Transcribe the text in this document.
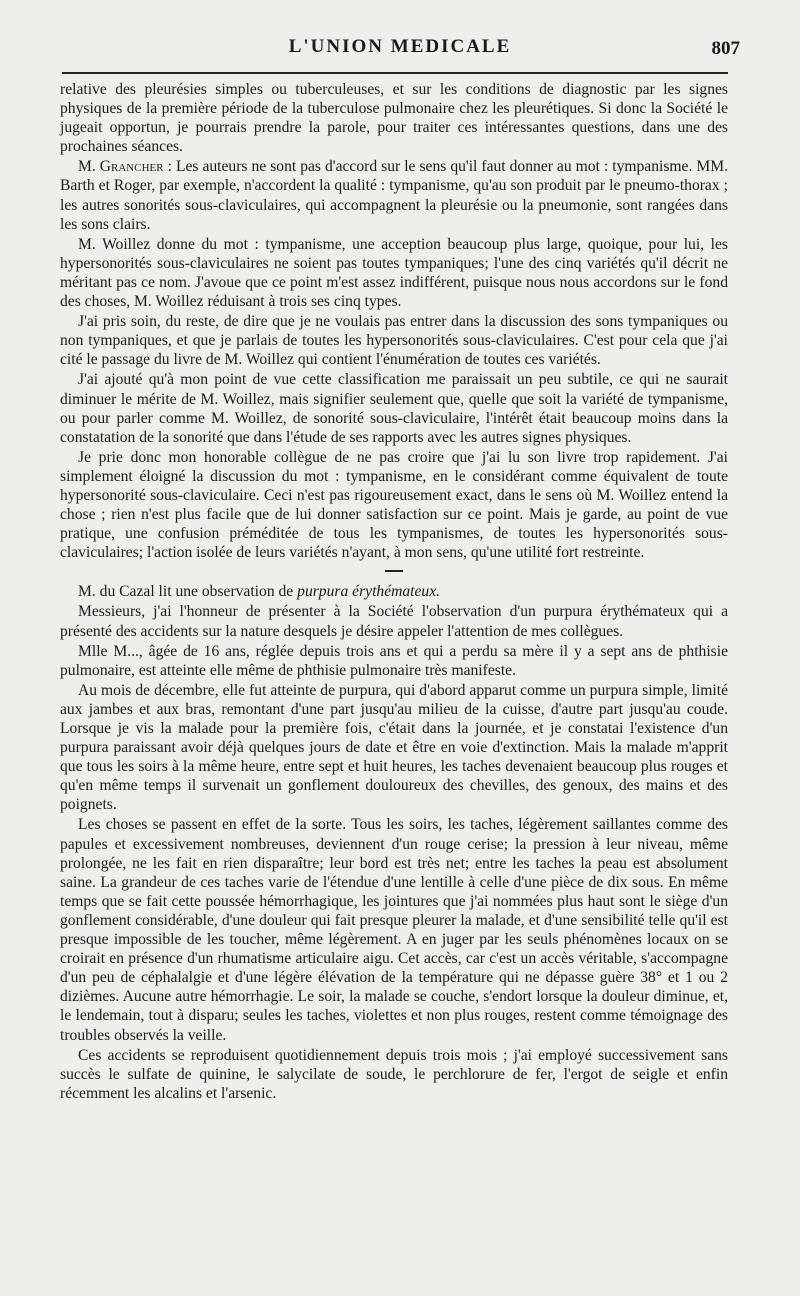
L'UNION MEDICALE	807

relative des pleurésies simples ou tuberculeuses, et sur les conditions de diagnostic par les signes physiques de la première période de la tuberculose pulmonaire chez les pleurétiques. Si donc la Société le jugeait opportun, je pourrais prendre la parole, pour traiter ces intéressantes questions, dans une des prochaines séances.

M. Grancher : Les auteurs ne sont pas d'accord sur le sens qu'il faut donner au mot : tympanisme. MM. Barth et Roger, par exemple, n'accordent la qualité : tympanisme, qu'au son produit par le pneumo-thorax ; les autres sonorités sous-claviculaires, qui accompagnent la pleurésie ou la pneumonie, sont rangées dans les sons clairs.

M. Woillez donne du mot : tympanisme, une acception beaucoup plus large, quoique, pour lui, les hypersonorités sous-claviculaires ne soient pas toutes tympaniques; l'une des cinq variétés qu'il décrit ne méritant pas ce nom. J'avoue que ce point m'est assez indifférent, puisque nous nous accordons sur le fond des choses, M. Woillez réduisant à trois ses cinq types.

J'ai pris soin, du reste, de dire que je ne voulais pas entrer dans la discussion des sons tympaniques ou non tympaniques, et que je parlais de toutes les hypersonorités sous-claviculaires. C'est pour cela que j'ai cité le passage du livre de M. Woillez qui contient l'énumération de toutes ces variétés.

J'ai ajouté qu'à mon point de vue cette classification me paraissait un peu subtile, ce qui ne saurait diminuer le mérite de M. Woillez, mais signifier seulement que, quelle que soit la variété de tympanisme, ou pour parler comme M. Woillez, de sonorité sous-claviculaire, l'intérêt était beaucoup moins dans la constatation de la sonorité que dans l'étude de ses rapports avec les autres signes physiques.

Je prie donc mon honorable collègue de ne pas croire que j'ai lu son livre trop rapidement. J'ai simplement éloigné la discussion du mot : tympanisme, en le considérant comme équivalent de toute hypersonorité sous-claviculaire. Ceci n'est pas rigoureusement exact, dans le sens où M. Woillez entend la chose ; rien n'est plus facile que de lui donner satisfaction sur ce point. Mais je garde, au point de vue pratique, une confusion préméditée de tous les tympanismes, de toutes les hypersonorités sous-claviculaires; l'action isolée de leurs variétés n'ayant, à mon sens, qu'une utilité fort restreinte.

M. du Cazal lit une observation de purpura érythémateux.

Messieurs, j'ai l'honneur de présenter à la Société l'observation d'un purpura érythémateux qui a présenté des accidents sur la nature desquels je désire appeler l'attention de mes collègues.

Mlle M..., âgée de 16 ans, réglée depuis trois ans et qui a perdu sa mère il y a sept ans de phthisie pulmonaire, est atteinte elle même de phthisie pulmonaire très manifeste.

Au mois de décembre, elle fut atteinte de purpura, qui d'abord apparut comme un purpura simple, limité aux jambes et aux bras, remontant d'une part jusqu'au milieu de la cuisse, d'autre part jusqu'au coude. Lorsque je vis la malade pour la première fois, c'était dans la journée, et je constatai l'existence d'un purpura paraissant avoir déjà quelques jours de date et être en voie d'extinction. Mais la malade m'apprit que tous les soirs à la même heure, entre sept et huit heures, les taches devenaient beaucoup plus rouges et qu'en même temps il survenait un gonflement douloureux des chevilles, des genoux, des mains et des poignets.

Les choses se passent en effet de la sorte. Tous les soirs, les taches, légèrement saillantes comme des papules et excessivement nombreuses, deviennent d'un rouge cerise; la pression à leur niveau, même prolongée, ne les fait en rien disparaître; leur bord est très net; entre les taches la peau est absolument saine. La grandeur de ces taches varie de l'étendue d'une lentille à celle d'une pièce de dix sous. En même temps que se fait cette poussée hémorrhagique, les jointures que j'ai nommées plus haut sont le siège d'un gonflement considérable, d'une douleur qui fait presque pleurer la malade, et d'une sensibilité telle qu'il est presque impossible de les toucher, même légèrement. A en juger par les seuls phénomènes locaux on se croirait en présence d'un rhumatisme articulaire aigu. Cet accès, car c'est un accès véritable, s'accompagne d'un peu de céphalalgie et d'une légère élévation de la température qui ne dépasse guère 38° et 1 ou 2 dizièmes. Aucune autre hémorrhagie. Le soir, la malade se couche, s'endort lorsque la douleur diminue, et, le lendemain, tout à disparu; seules les taches, violettes et non plus rouges, restent comme témoignage des troubles observés la veille.

Ces accidents se reproduisent quotidiennement depuis trois mois ; j'ai employé successivement sans succès le sulfate de quinine, le salycilate de soude, le perchlorure de fer, l'ergot de seigle et enfin récemment les alcalins et l'arsenic.
